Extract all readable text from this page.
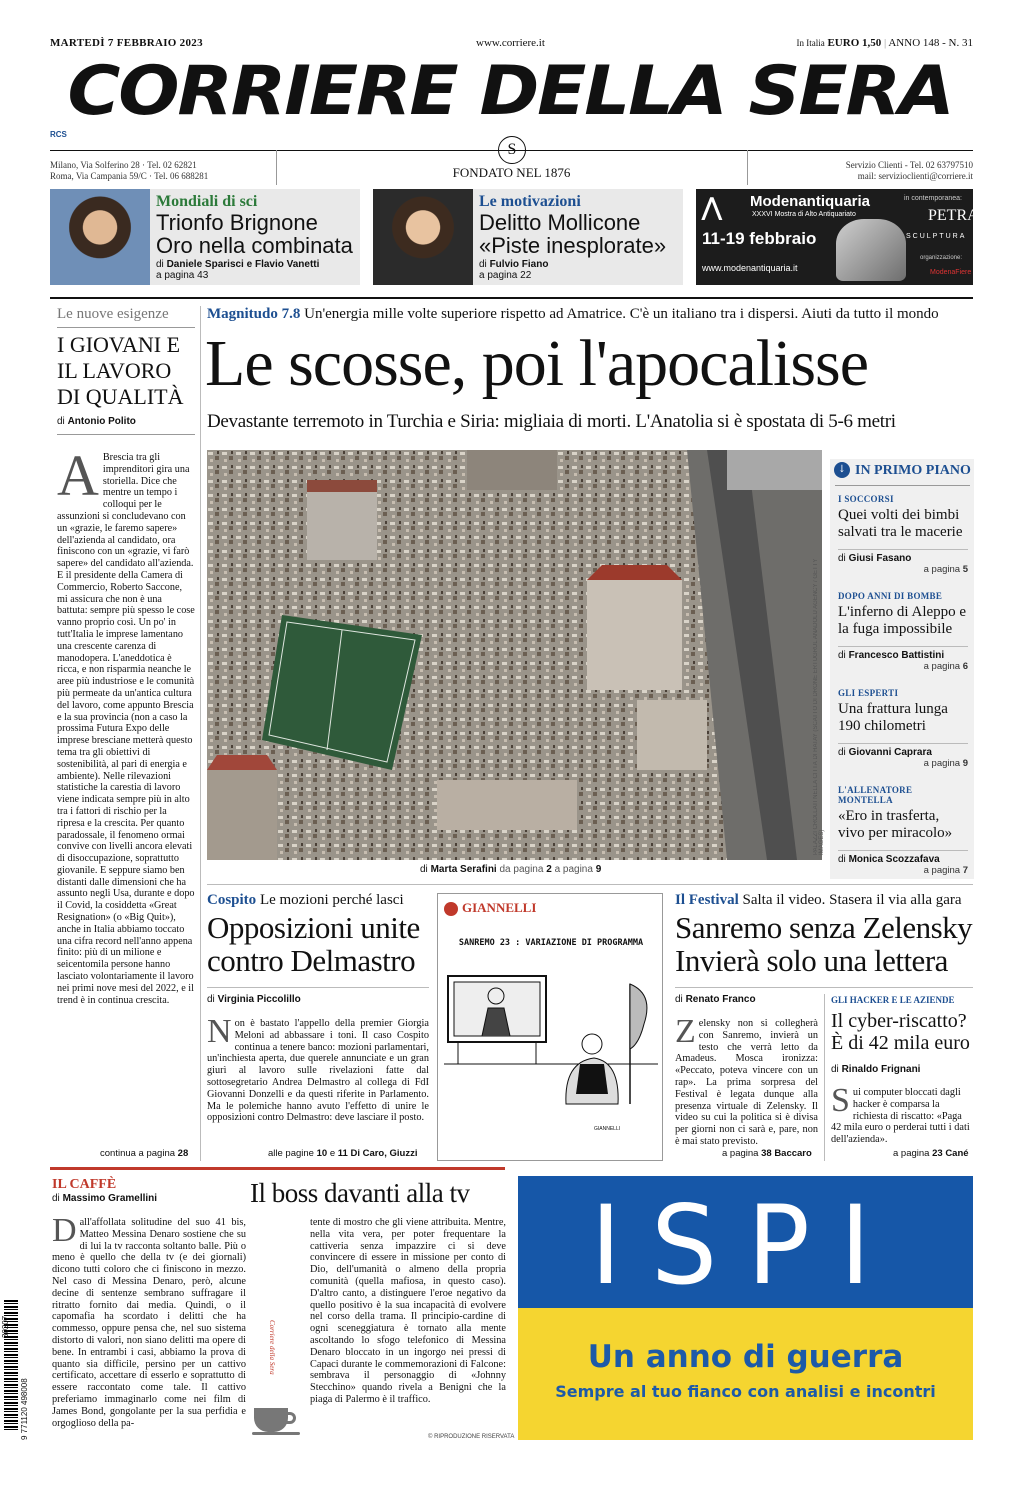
MARTEDÌ 7 FEBBRAIO 2023	www.corriere.it	In Italia EURO 1,50 | ANNO 148 - N. 31
CORRIERE DELLA SERA
RCS
S
Milano, Via Solferino 28 · Tel. 02 62821
Roma, Via Campania 59/C · Tel. 06 688281	FONDATO NEL 1876	Servizio Clienti - Tel. 02 63797510
mail: servizioclienti@corriere.it
Mondiali di sci
Trionfo Brignone
Oro nella combinata
di Daniele Sparisci e Flavio Vanetti
a pagina 43
Le motivazioni
Delitto Mollicone
«Piste inesplorate»
di Fulvio Fiano
a pagina 22
⋀ Modenantiquaria
XXXVI Mostra di Alto Antiquariato
11-19 febbraio
www.modenantiquaria.it
in contemporanea:
PETRA
SCULPTURA
organizzazione:
ModenaFiere
Le nuove esigenze
I GIOVANI E IL LAVORO DI QUALITÀ
di Antonio Polito
A Brescia tra gli imprenditori gira una storiella. Dice che mentre un tempo i colloqui per le assunzioni si concludevano con un «grazie, le faremo sapere» dell'azienda al candidato, ora finiscono con un «grazie, vi farò sapere» del candidato all'azienda. E il presidente della Camera di Commercio, Roberto Saccone, mi assicura che non è una battuta: sempre più spesso le cose vanno proprio così. Un po' in tutt'Italia le imprese lamentano una crescente carenza di manodopera. L'aneddotica è ricca, e non risparmia neanche le aree più industriose e le comunità più permeate da un'antica cultura del lavoro, come appunto Brescia e la sua provincia (non a caso la prossima Futura Expo delle imprese bresciane metterà questo tema tra gli obiettivi di sostenibilità, al pari di energia e ambiente). Nelle rilevazioni statistiche la carestia di lavoro viene indicata sempre più in alto tra i fattori di rischio per la ripresa e la crescita. Per quanto paradossale, il fenomeno ormai convive con livelli ancora elevati di disoccupazione, soprattutto giovanile. E seppure siamo ben distanti dalle dimensioni che ha assunto negli Usa, durante e dopo il Covid, la cosiddetta «Great Resignation» (o «Big Quit»), anche in Italia abbiamo toccato una cifra record nell'anno appena finito: più di un milione e seicentomila persone hanno lasciato volontariamente il lavoro nei primi nove mesi del 2022, e il trend è in continua crescita.
continua a pagina 28
Magnitudo 7.8 Un'energia mille volte superiore rispetto ad Amatrice. C'è un italiano tra i dispersi. Aiuti da tutto il mondo
Le scosse, poi l'apocalisse
Devastante terremoto in Turchia e Siria: migliaia di morti. L'Anatolia si è spostata di 5-6 metri
PALAZZI CROLLATI NELLA CITTÀ DI HATAY (SCATTO DI DRONE ERTUGRUL ANADOLU AGENCY / GETTY IMAGES)
di Marta Serafini da pagina 2 a pagina 9
↓ IN PRIMO PIANO
I SOCCORSI
Quei volti dei bimbi salvati tra le macerie
di Giusi Fasano
a pagina 5
DOPO ANNI DI BOMBE
L'inferno di Aleppo e la fuga impossibile
di Francesco Battistini
a pagina 6
GLI ESPERTI
Una frattura lunga 190 chilometri
di Giovanni Caprara
a pagina 9
L'ALLENATORE MONTELLA
«Ero in trasferta, vivo per miracolo»
di Monica Scozzafava
a pagina 7
Cospito Le mozioni perché lasci
Opposizioni unite contro Delmastro
di Virginia Piccolillo
Non è bastato l'appello della premier Giorgia Meloni ad abbassare i toni. Il caso Cospito continua a tenere banco: mozioni parlamentari, un'inchiesta aperta, due querele annunciate e un gran giurì al lavoro sulle rivelazioni fatte dal sottosegretario Andrea Delmastro al collega di FdI Giovanni Donzelli e da questi riferite in Parlamento. Ma le polemiche hanno avuto l'effetto di unire le opposizioni contro Delmastro: deve lasciare il posto.
alle pagine 10 e 11 Di Caro, Giuzzi
GIANNELLI
SANREMO 23 : VARIAZIONE DI PROGRAMMA
GIANNELLI
Il Festival Salta il video. Stasera il via alla gara
Sanremo senza Zelensky
Invierà solo una lettera
di Renato Franco
Zelensky non si collegherà con Sanremo, invierà un testo che verrà letto da Amadeus. Mosca ironizza: «Peccato, poteva vincere con un rap». La prima sorpresa del Festival è legata dunque alla presenza virtuale di Zelensky. Il video su cui la politica si è divisa per giorni non ci sarà e, pare, non è mai stato previsto.
a pagina 38 Baccaro
GLI HACKER E LE AZIENDE
Il cyber-riscatto?
È di 42 mila euro
di Rinaldo Frignani
Sui computer bloccati dagli hacker è comparsa la richiesta di riscatto: «Paga 42 mila euro o perderai tutti i dati dell'azienda».
a pagina 23 Cané
IL CAFFÈ
di Massimo Gramellini	Il boss davanti alla tv
Dall'affollata solitudine del suo 41 bis, Matteo Messina Denaro sostiene che su di lui la tv racconta soltanto balle. Più o meno è quello che della tv (e dei giornali) dicono tutti coloro che ci finiscono in mezzo. Nel caso di Messina Denaro, però, alcune decine di sentenze sembrano suffragare il ritratto fornito dai media. Quindi, o il capomafia ha scordato i delitti che ha commesso, oppure pensa che, nel suo sistema distorto di valori, non siano delitti ma opere di bene. In entrambi i casi, abbiamo la prova di quanto sia difficile, persino per un cattivo certificato, accettare di esserlo e soprattutto di essere raccontato come tale. Il cattivo preferiamo immaginarlo come nei film di James Bond, gongolante per la sua perfidia e orgoglioso della pa-
Corriere della Sera
tente di mostro che gli viene attribuita. Mentre, nella vita vera, per poter frequentare la cattiveria senza impazzire ci si deve convincere di essere in missione per conto di Dio, dell'umanità o almeno della propria comunità (quella mafiosa, in questo caso). D'altro canto, a distinguere l'eroe negativo da quello positivo è la sua incapacità di evolvere nel corso della trama. Il principio-cardine di ogni sceneggiatura è tornato alla mente ascoltando lo sfogo telefonico di Messina Denaro bloccato in un ingorgo nei pressi di Capaci durante le commemorazioni di Falcone: sembrava il personaggio di «Johnny Stecchino» quando rivela a Benigni che la piaga di Palermo è il traffico.
© RIPRODUZIONE RISERVATA
ISPI
Un anno di guerra
Sempre al tuo fianco con analisi e incontri
30207
9 771120 498008
